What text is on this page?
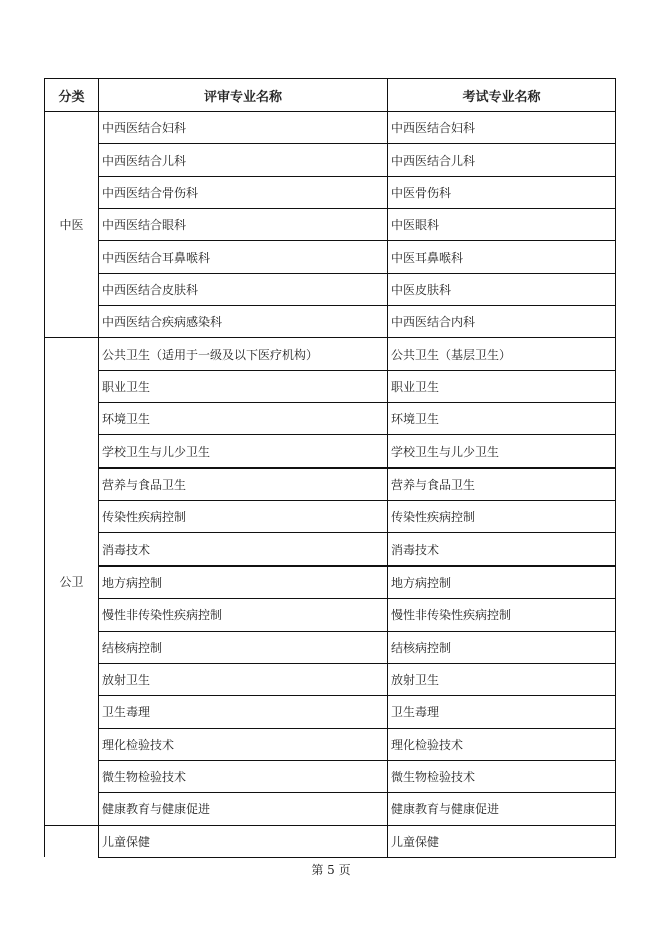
分类	评审专业名称	考试专业名称
中医	中西医结合妇科	中西医结合妇科
	中西医结合儿科	中西医结合儿科
	中西医结合骨伤科	中医骨伤科
	中西医结合眼科	中医眼科
	中西医结合耳鼻喉科	中医耳鼻喉科
	中西医结合皮肤科	中医皮肤科
	中西医结合疾病感染科	中西医结合内科
公卫	公共卫生（适用于一级及以下医疗机构）	公共卫生（基层卫生）
	职业卫生	职业卫生
	环境卫生	环境卫生
	学校卫生与儿少卫生	学校卫生与儿少卫生
	营养与食品卫生	营养与食品卫生
	传染性疾病控制	传染性疾病控制
	消毒技术	消毒技术
	地方病控制	地方病控制
	慢性非传染性疾病控制	慢性非传染性疾病控制
	结核病控制	结核病控制
	放射卫生	放射卫生
	卫生毒理	卫生毒理
	理化检验技术	理化检验技术
	微生物检验技术	微生物检验技术
	健康教育与健康促进	健康教育与健康促进
	儿童保健	儿童保健
第 5 页
